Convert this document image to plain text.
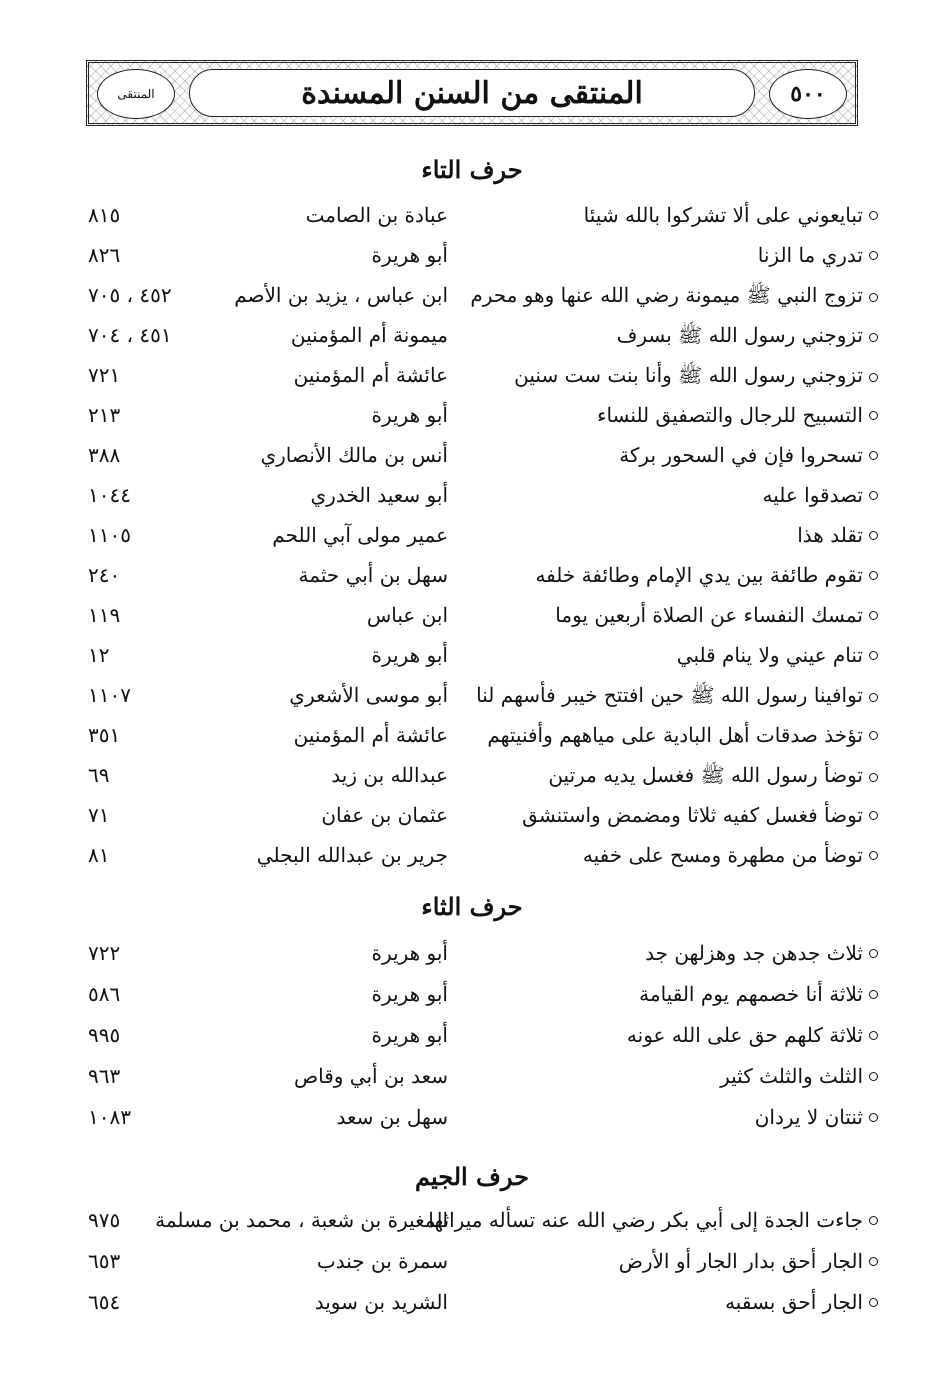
المنتقى	المنتقى من السنن المسندة	٥٠٠
حرف التاء
تبايعوني على ألا تشركوا بالله شيئا
عبادة بن الصامت
٨١٥
تدري ما الزنا
أبو هريرة
٨٢٦
تزوج النبي ﷺ ميمونة رضي الله عنها وهو محرم
ابن عباس ، يزيد بن الأصم
٤٥٢ ، ٧٠٥
تزوجني رسول الله ﷺ بسرف
ميمونة أم المؤمنين
٤٥١ ، ٧٠٤
تزوجني رسول الله ﷺ وأنا بنت ست سنين
عائشة أم المؤمنين
٧٢١
التسبيح للرجال والتصفيق للنساء
أبو هريرة
٢١٣
تسحروا فإن في السحور بركة
أنس بن مالك الأنصاري
٣٨٨
تصدقوا عليه
أبو سعيد الخدري
١٠٤٤
تقلد هذا
عمير مولى آبي اللحم
١١٠٥
تقوم طائفة بين يدي الإمام وطائفة خلفه
سهل بن أبي حثمة
٢٤٠
تمسك النفساء عن الصلاة أربعين يوما
ابن عباس
١١٩
تنام عيني ولا ينام قلبي
أبو هريرة
١٢
توافينا رسول الله ﷺ حين افتتح خيبر فأسهم لنا
أبو موسى الأشعري
١١٠٧
تؤخذ صدقات أهل البادية على مياههم وأفنيتهم
عائشة أم المؤمنين
٣٥١
توضأ رسول الله ﷺ فغسل يديه مرتين
عبدالله بن زيد
٦٩
توضأ فغسل كفيه ثلاثا ومضمض واستنشق
عثمان بن عفان
٧١
توضأ من مطهرة ومسح على خفيه
جرير بن عبدالله البجلي
٨١
حرف الثاء
ثلاث جدهن جد وهزلهن جد
أبو هريرة
٧٢٢
ثلاثة أنا خصمهم يوم القيامة
أبو هريرة
٥٨٦
ثلاثة كلهم حق على الله عونه
أبو هريرة
٩٩٥
الثلث والثلث كثير
سعد بن أبي وقاص
٩٦٣
ثنتان لا يردان
سهل بن سعد
١٠٨٣
حرف الجيم
جاءت الجدة إلى أبي بكر رضي الله عنه تسأله ميراثها
المغيرة بن شعبة ، محمد بن مسلمة
٩٧٥
الجار أحق بدار الجار أو الأرض
سمرة بن جندب
٦٥٣
الجار أحق بسقبه
الشريد بن سويد
٦٥٤
